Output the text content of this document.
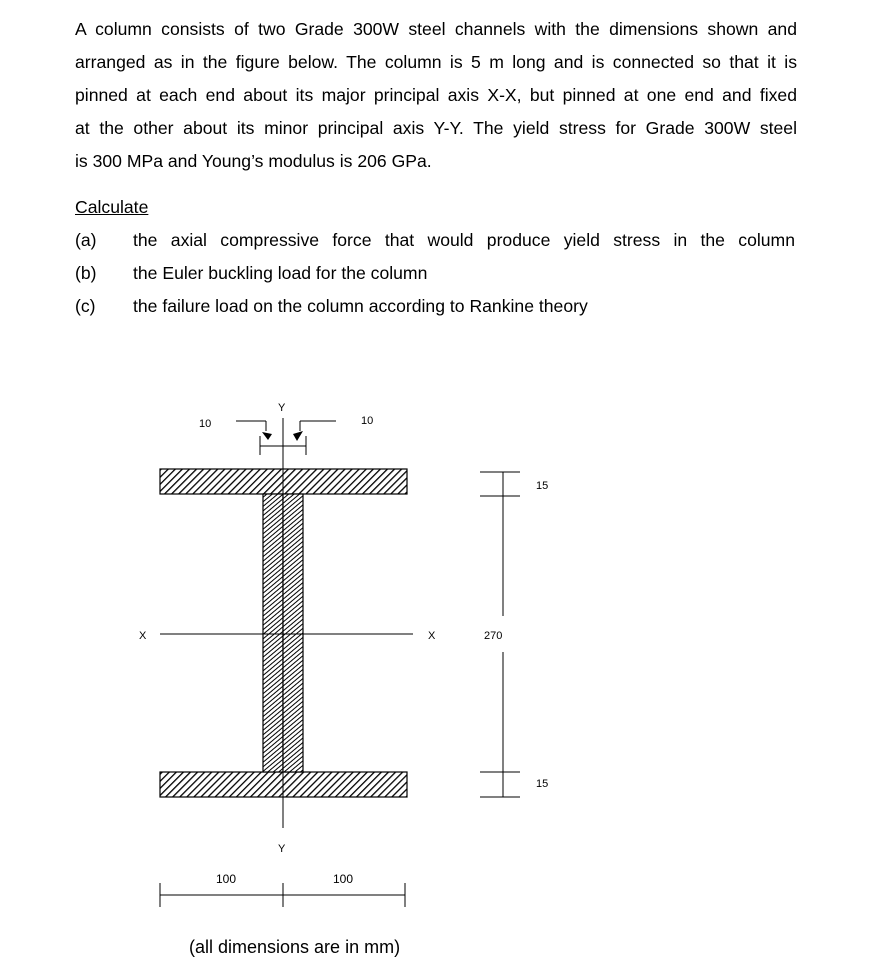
A column consists of two Grade 300W steel channels with the dimensions shown and
arranged as in the figure below. The column is 5 m long and is connected so that it is
pinned at each end about its major principal axis X-X, but pinned at one end and fixed
at the other about its minor principal axis Y-Y. The yield stress for Grade 300W steel
is 300 MPa and Young’s modulus is 206 GPa.
Calculate
(a) the axial compressive force that would produce yield stress in the column
(b) the Euler buckling load for the column
(c) the failure load on the column according to Rankine theory
10	10
Y
Y
X	X
15
270
15
100	100
(all dimensions are in mm)
